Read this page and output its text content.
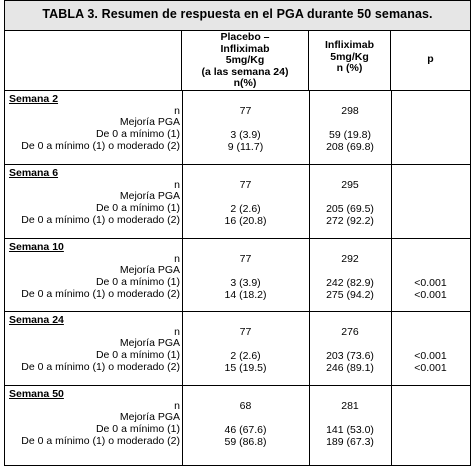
TABLA 3. Resumen de respuesta en el PGA durante 50 semanas.
Placebo –
Infliximab
5mg/Kg
(a las semana 24)
n(%)
Infliximab
5mg/Kg
n (%)
p
Semana 2
n
Mejoría PGA
De 0 a mínimo (1)
De 0 a mínimo (1) o moderado (2)
77
3 (3.9)
9 (11.7)
298
59 (19.8)
208 (69.8)
Semana 6
n
Mejoría PGA
De 0 a mínimo (1)
De 0 a mínimo (1) o moderado (2)
77
2 (2.6)
16 (20.8)
295
205 (69.5)
272 (92.2)
Semana 10
n
Mejoría PGA
De 0 a mínimo (1)
De 0 a mínimo (1) o moderado (2)
77
3 (3.9)
14 (18.2)
292
242 (82.9)
275 (94.2)
<0.001
<0.001
Semana 24
n
Mejoría PGA
De 0 a mínimo (1)
De 0 a mínimo (1) o moderado (2)
77
2 (2.6)
15 (19.5)
276
203 (73.6)
246 (89.1)
<0.001
<0.001
Semana 50
n
Mejoría PGA
De 0 a mínimo (1)
De 0 a mínimo (1) o moderado (2)
68
46 (67.6)
59 (86.8)
281
141 (53.0)
189 (67.3)
